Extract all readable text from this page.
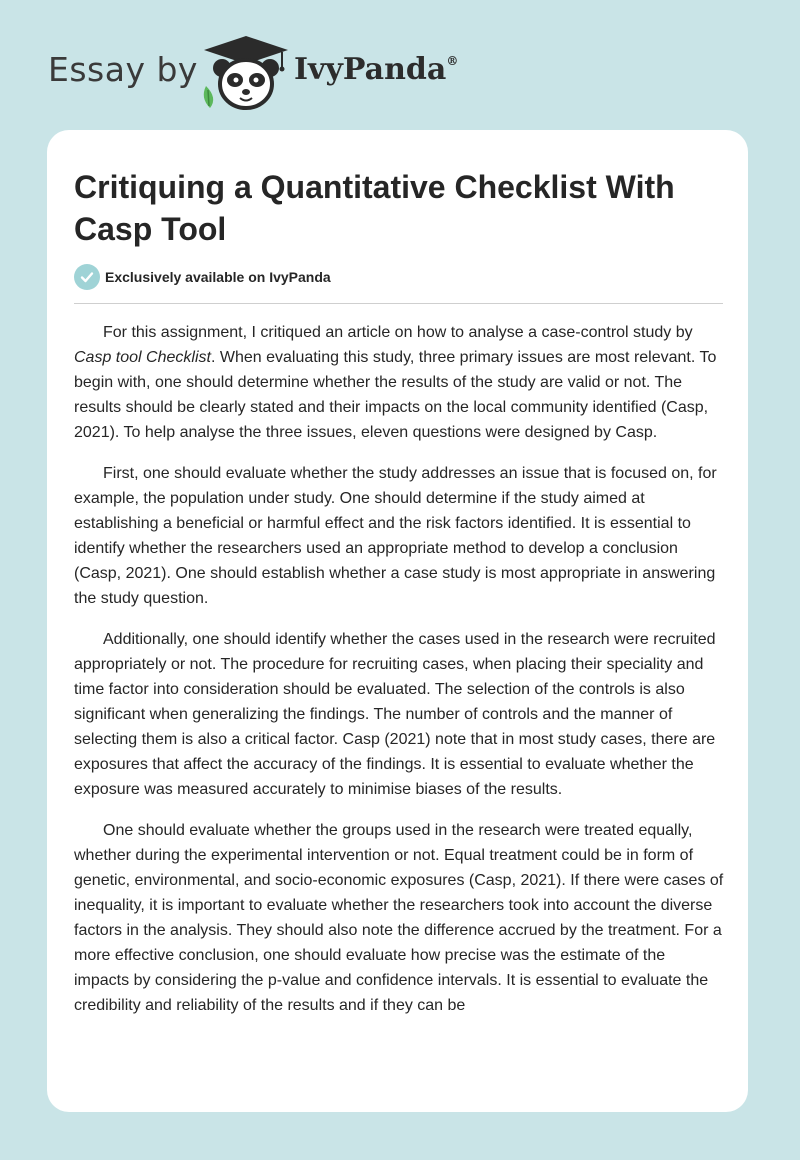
Essay by	IvyPanda®
Critiquing a Quantitative Checklist With Casp Tool
Exclusively available on IvyPanda

For this assignment, I critiqued an article on how to analyse a case-control study by Casp tool Checklist. When evaluating this study, three primary issues are most relevant. To begin with, one should determine whether the results of the study are valid or not. The results should be clearly stated and their impacts on the local community identified (Casp, 2021). To help analyse the three issues, eleven questions were designed by Casp.

First, one should evaluate whether the study addresses an issue that is focused on, for example, the population under study. One should determine if the study aimed at establishing a beneficial or harmful effect and the risk factors identified. It is essential to identify whether the researchers used an appropriate method to develop a conclusion (Casp, 2021). One should establish whether a case study is most appropriate in answering the study question.

Additionally, one should identify whether the cases used in the research were recruited appropriately or not. The procedure for recruiting cases, when placing their speciality and time factor into consideration should be evaluated. The selection of the controls is also significant when generalizing the findings. The number of controls and the manner of selecting them is also a critical factor. Casp (2021) note that in most study cases, there are exposures that affect the accuracy of the findings. It is essential to evaluate whether the exposure was measured accurately to minimise biases of the results.

One should evaluate whether the groups used in the research were treated equally, whether during the experimental intervention or not. Equal treatment could be in form of genetic, environmental, and socio-economic exposures (Casp, 2021). If there were cases of inequality, it is important to evaluate whether the researchers took into account the diverse factors in the analysis. They should also note the difference accrued by the treatment. For a more effective conclusion, one should evaluate how precise was the estimate of the impacts by considering the p-value and confidence intervals. It is essential to evaluate the credibility and reliability of the results and if they can be
